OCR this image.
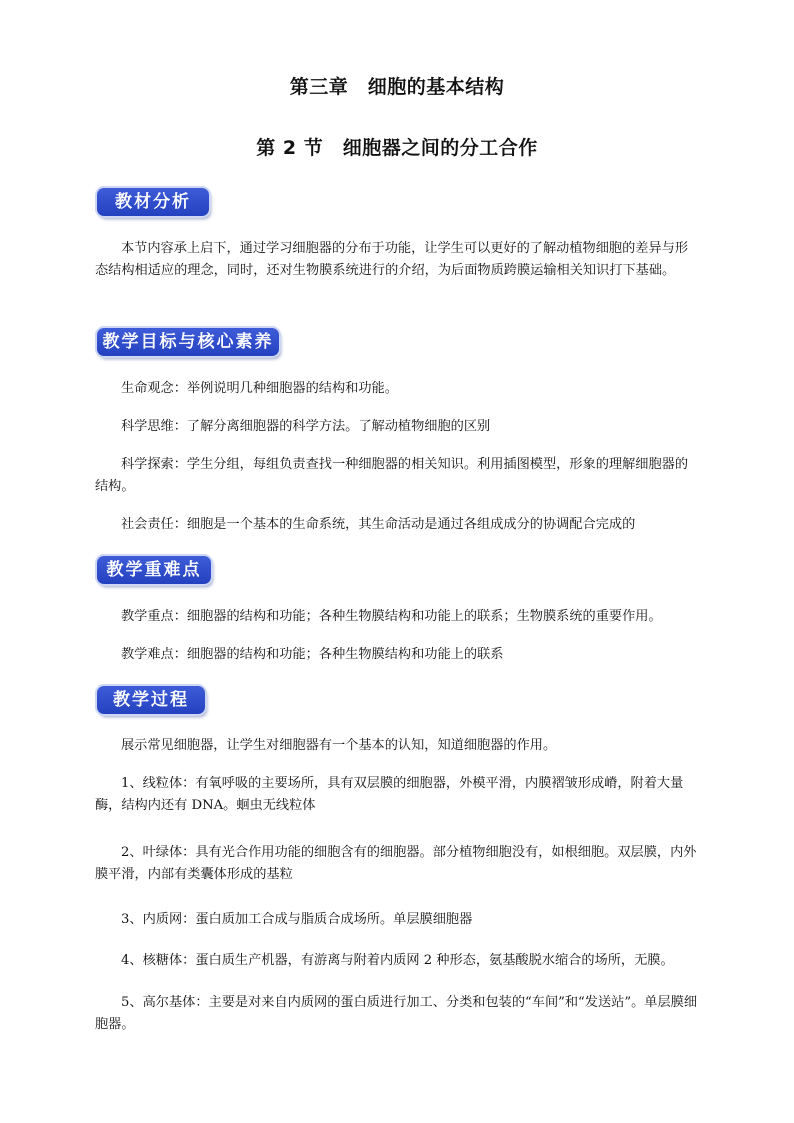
第三章　细胞的基本结构
第 2 节　细胞器之间的分工合作
教材分析

本节内容承上启下，通过学习细胞器的分布于功能，让学生可以更好的了解动植物细胞的差异与形态结构相适应的理念，同时，还对生物膜系统进行的介绍，为后面物质跨膜运输相关知识打下基础。

教学目标与核心素养

生命观念：举例说明几种细胞器的结构和功能。

科学思维：了解分离细胞器的科学方法。了解动植物细胞的区别

科学探索：学生分组，每组负责查找一种细胞器的相关知识。利用插图模型，形象的理解细胞器的结构。

社会责任：细胞是一个基本的生命系统，其生命活动是通过各组成成分的协调配合完成的

教学重难点

教学重点：细胞器的结构和功能；各种生物膜结构和功能上的联系；生物膜系统的重要作用。

教学难点：细胞器的结构和功能；各种生物膜结构和功能上的联系

教学过程

展示常见细胞器，让学生对细胞器有一个基本的认知，知道细胞器的作用。

1、线粒体：有氧呼吸的主要场所，具有双层膜的细胞器，外模平滑，内膜褶皱形成嵴，附着大量酶，结构内还有 DNA。蛔虫无线粒体

2、叶绿体：具有光合作用功能的细胞含有的细胞器。部分植物细胞没有，如根细胞。双层膜，内外膜平滑，内部有类囊体形成的基粒

3、内质网：蛋白质加工合成与脂质合成场所。单层膜细胞器

4、核糖体：蛋白质生产机器，有游离与附着内质网 2 种形态，氨基酸脱水缩合的场所，无膜。

5、高尔基体：主要是对来自内质网的蛋白质进行加工、分类和包装的“车间”和“发送站”。单层膜细胞器。
